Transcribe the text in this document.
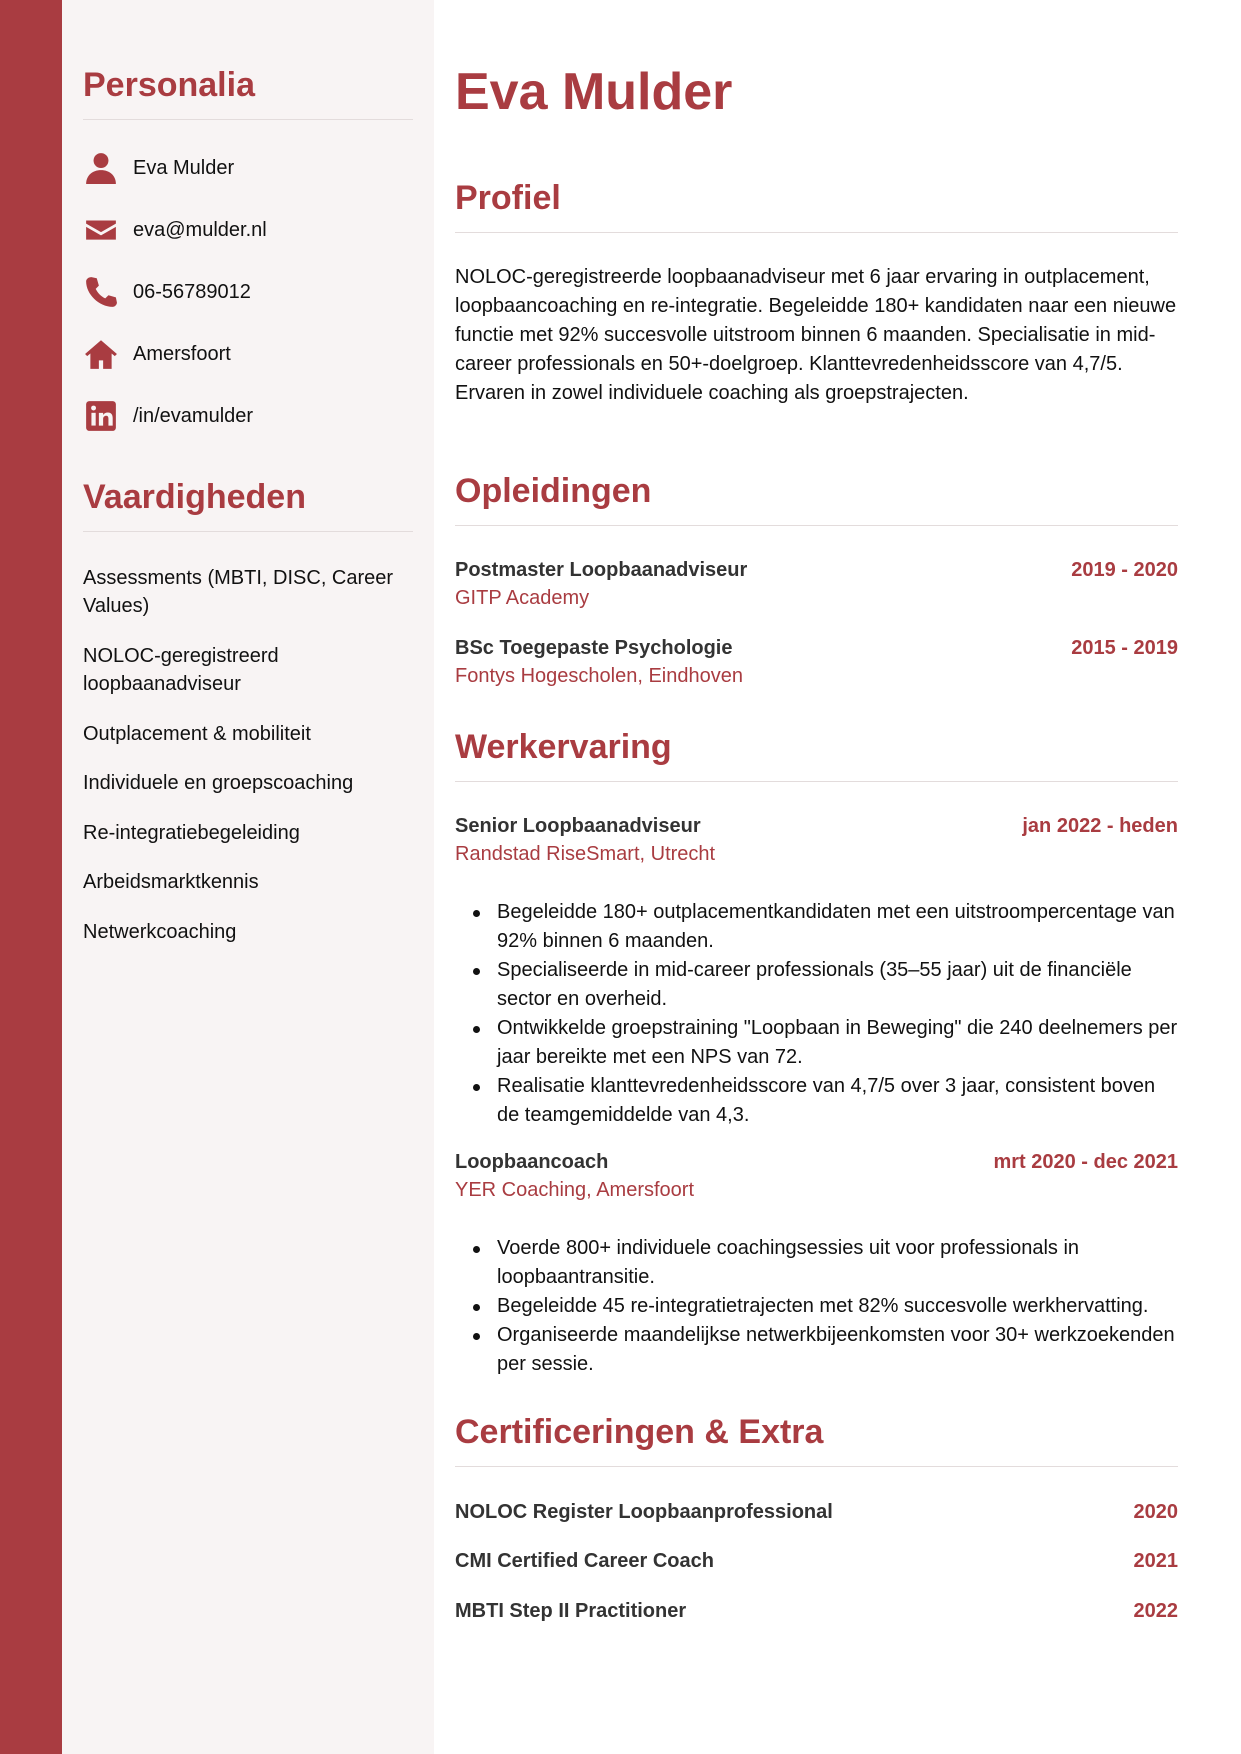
Personalia
Eva Mulder
eva@mulder.nl
06-56789012
Amersfoort
/in/evamulder
Vaardigheden
Assessments (MBTI, DISC, Career Values)
NOLOC-geregistreerd loopbaanadviseur
Outplacement & mobiliteit
Individuele en groepscoaching
Re-integratiebegeleiding
Arbeidsmarktkennis
Netwerkcoaching
Eva Mulder
Profiel
NOLOC-geregistreerde loopbaanadviseur met 6 jaar ervaring in outplacement, loopbaancoaching en re-integratie. Begeleidde 180+ kandidaten naar een nieuwe functie met 92% succesvolle uitstroom binnen 6 maanden. Specialisatie in mid-career professionals en 50+-doelgroep. Klanttevredenheidsscore van 4,7/5. Ervaren in zowel individuele coaching als groepstrajecten.
Opleidingen
Postmaster Loopbaanadviseur	2019 - 2020
GITP Academy
BSc Toegepaste Psychologie	2015 - 2019
Fontys Hogescholen, Eindhoven
Werkervaring
Senior Loopbaanadviseur	jan 2022 - heden
Randstad RiseSmart, Utrecht
Begeleidde 180+ outplacementkandidaten met een uitstroompercentage van 92% binnen 6 maanden.
Specialiseerde in mid-career professionals (35–55 jaar) uit de financiële sector en overheid.
Ontwikkelde groepstraining "Loopbaan in Beweging" die 240 deelnemers per jaar bereikte met een NPS van 72.
Realisatie klanttevredenheidsscore van 4,7/5 over 3 jaar, consistent boven de teamgemiddelde van 4,3.
Loopbaancoach	mrt 2020 - dec 2021
YER Coaching, Amersfoort
Voerde 800+ individuele coachingsessies uit voor professionals in loopbaantransitie.
Begeleidde 45 re-integratietrajecten met 82% succesvolle werkhervatting.
Organiseerde maandelijkse netwerkbijeenkomsten voor 30+ werkzoekenden per sessie.
Certificeringen & Extra
NOLOC Register Loopbaanprofessional	2020
CMI Certified Career Coach	2021
MBTI Step II Practitioner	2022
